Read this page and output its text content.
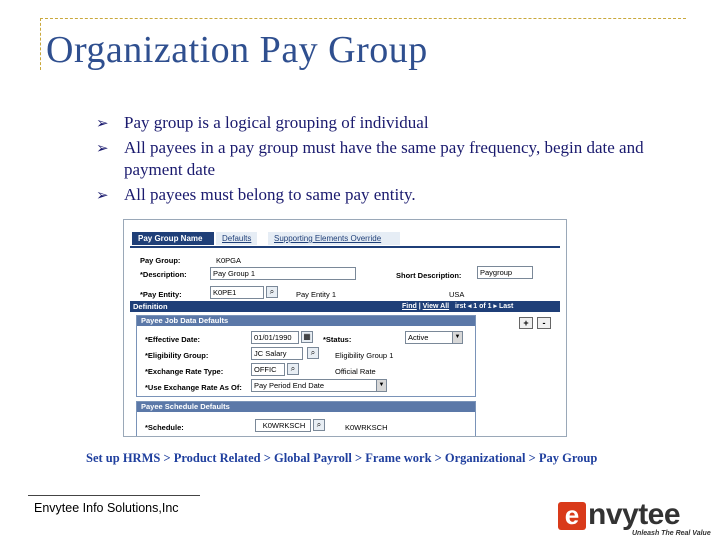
Organization Pay Group
➢ Pay group is a logical grouping of individual
➢ All payees in a pay group must have the same pay frequency, begin date and payment date
➢ All payees must belong to same pay entity.
Pay Group Name	Defaults	Supporting Elements Override
Pay Group:	K0PGA
*Description:	Pay Group 1	Short Description:	Paygroup
*Pay Entity:	K0PE1	⌕	Pay Entity 1	USA
Definition	Find | View All irst ◂ 1 of 1 ▸ Last
+	-
Payee Job Data Defaults
*Effective Date:	01/01/1990	▦ *Status:	Active	▼
*Eligibility Group:	JC Salary	⌕	Eligibility Group 1
*Exchange Rate Type:	OFFIC	⌕	Official Rate
*Use Exchange Rate As Of:	Pay Period End Date	▼
Payee Schedule Defaults
*Schedule:	K0WRKSCH	⌕	K0WRKSCH
Set up HRMS > Product Related > Global Payroll > Frame work > Organizational > Pay Group
Envytee Info Solutions,Inc	e nvytee
Unleash The Real Value
